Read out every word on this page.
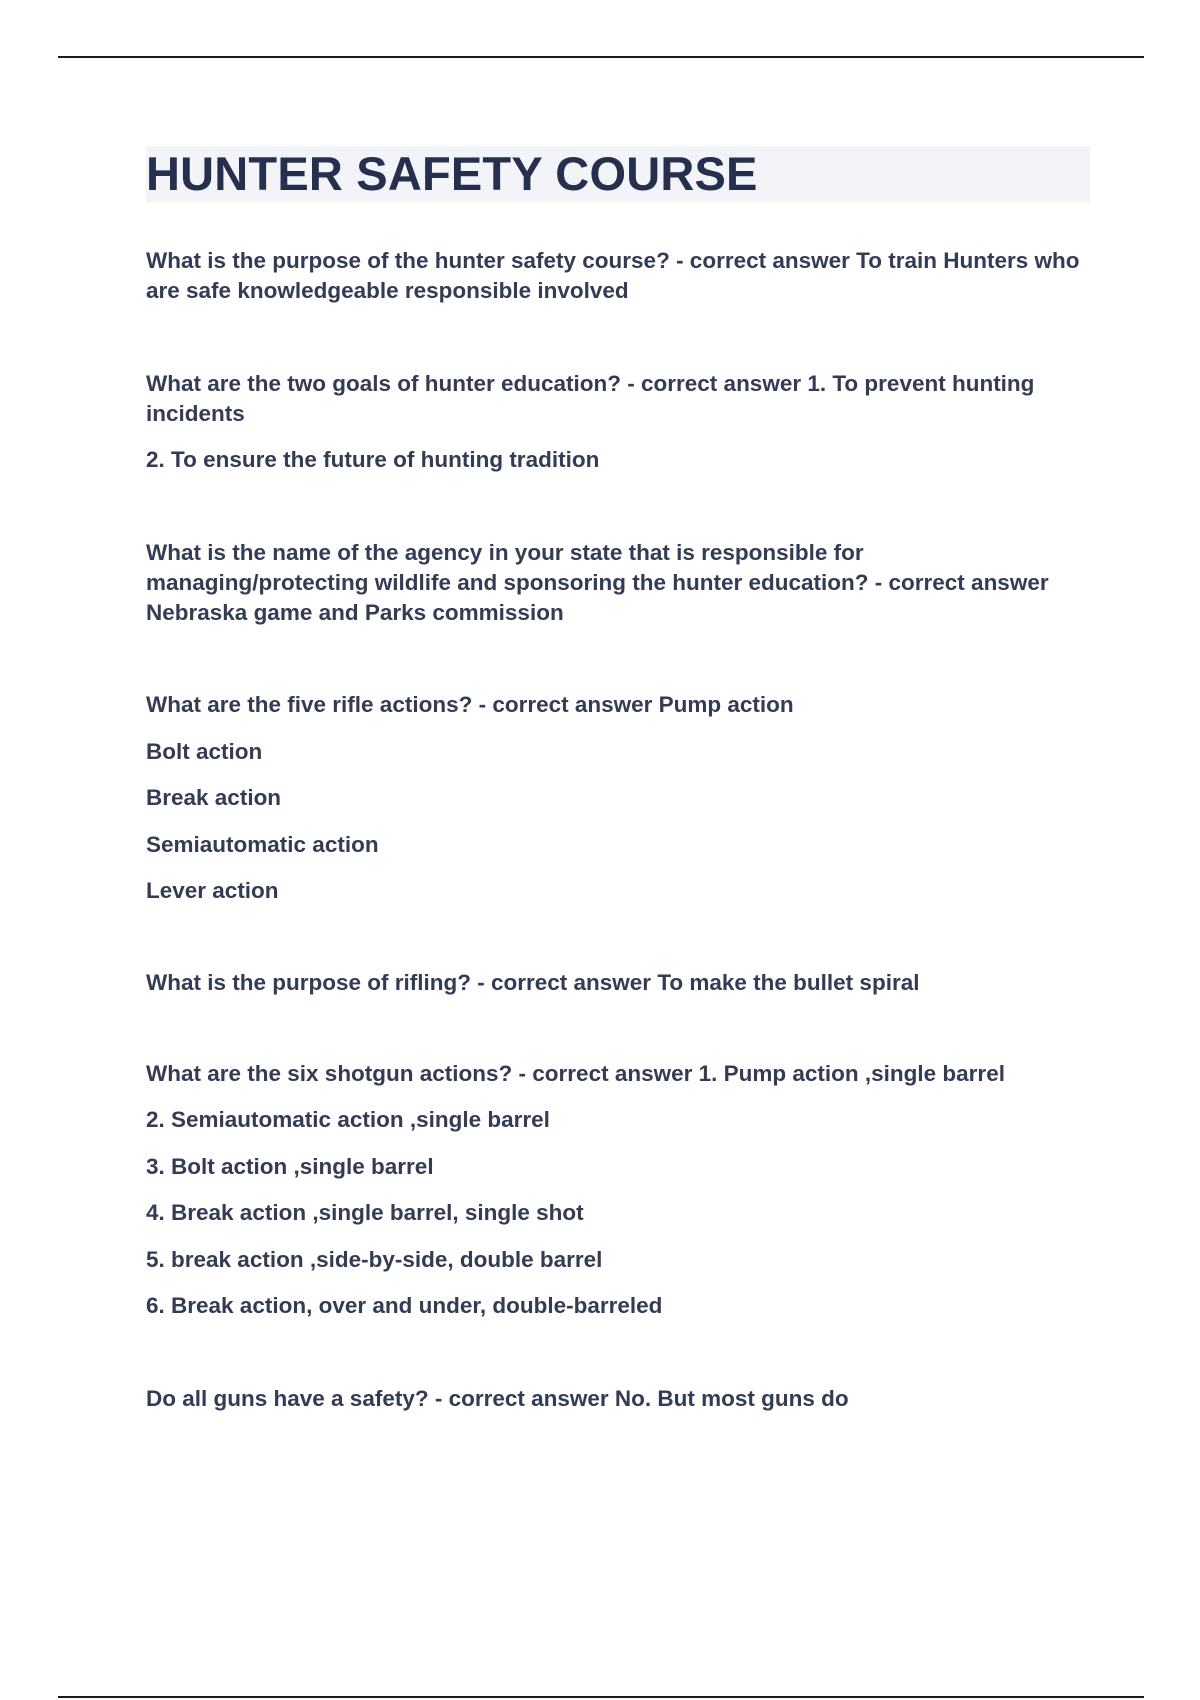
HUNTER SAFETY COURSE

What is the purpose of the hunter safety course? - correct answer To train Hunters who are safe knowledgeable responsible involved

What are the two goals of hunter education? - correct answer 1. To prevent hunting incidents

2. To ensure the future of hunting tradition

What is the name of the agency in your state that is responsible for managing/protecting wildlife and sponsoring the hunter education? - correct answer Nebraska game and Parks commission

What are the five rifle actions? - correct answer Pump action

Bolt action

Break action

Semiautomatic action

Lever action

What is the purpose of rifling? - correct answer To make the bullet spiral

What are the six shotgun actions? - correct answer 1. Pump action ,single barrel

2. Semiautomatic action ,single barrel

3. Bolt action ,single barrel

4. Break action ,single barrel, single shot

5. break action ,side-by-side, double barrel

6. Break action, over and under, double-barreled

Do all guns have a safety? - correct answer No. But most guns do
